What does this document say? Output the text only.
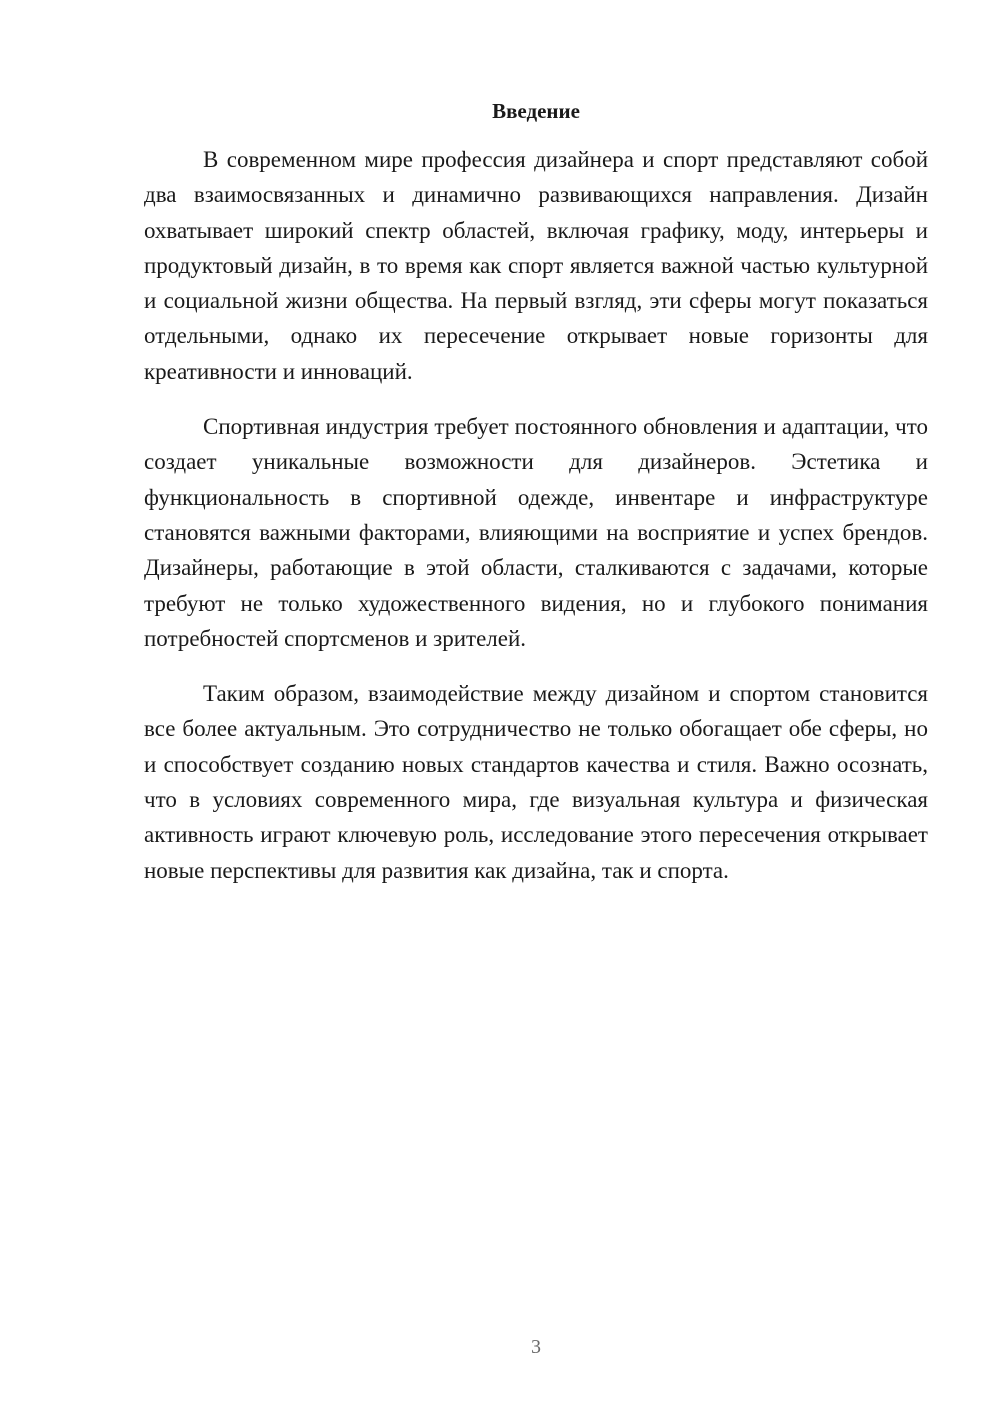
Введение

В современном мире профессия дизайнера и спорт представляют собой два взаимосвязанных и динамично развивающихся направления. Дизайн охватывает широкий спектр областей, включая графику, моду, интерьеры и продуктовый дизайн, в то время как спорт является важной частью культурной и социальной жизни общества. На первый взгляд, эти сферы могут показаться отдельными, однако их пересечение открывает новые горизонты для креативности и инноваций.

Спортивная индустрия требует постоянного обновления и адаптации, что создает уникальные возможности для дизайнеров. Эстетика и функциональность в спортивной одежде, инвентаре и инфраструктуре становятся важными факторами, влияющими на восприятие и успех брендов. Дизайнеры, работающие в этой области, сталкиваются с задачами, которые требуют не только художественного видения, но и глубокого понимания потребностей спортсменов и зрителей.

Таким образом, взаимодействие между дизайном и спортом становится все более актуальным. Это сотрудничество не только обогащает обе сферы, но и способствует созданию новых стандартов качества и стиля. Важно осознать, что в условиях современного мира, где визуальная культура и физическая активность играют ключевую роль, исследование этого пересечения открывает новые перспективы для развития как дизайна, так и спорта.

3
